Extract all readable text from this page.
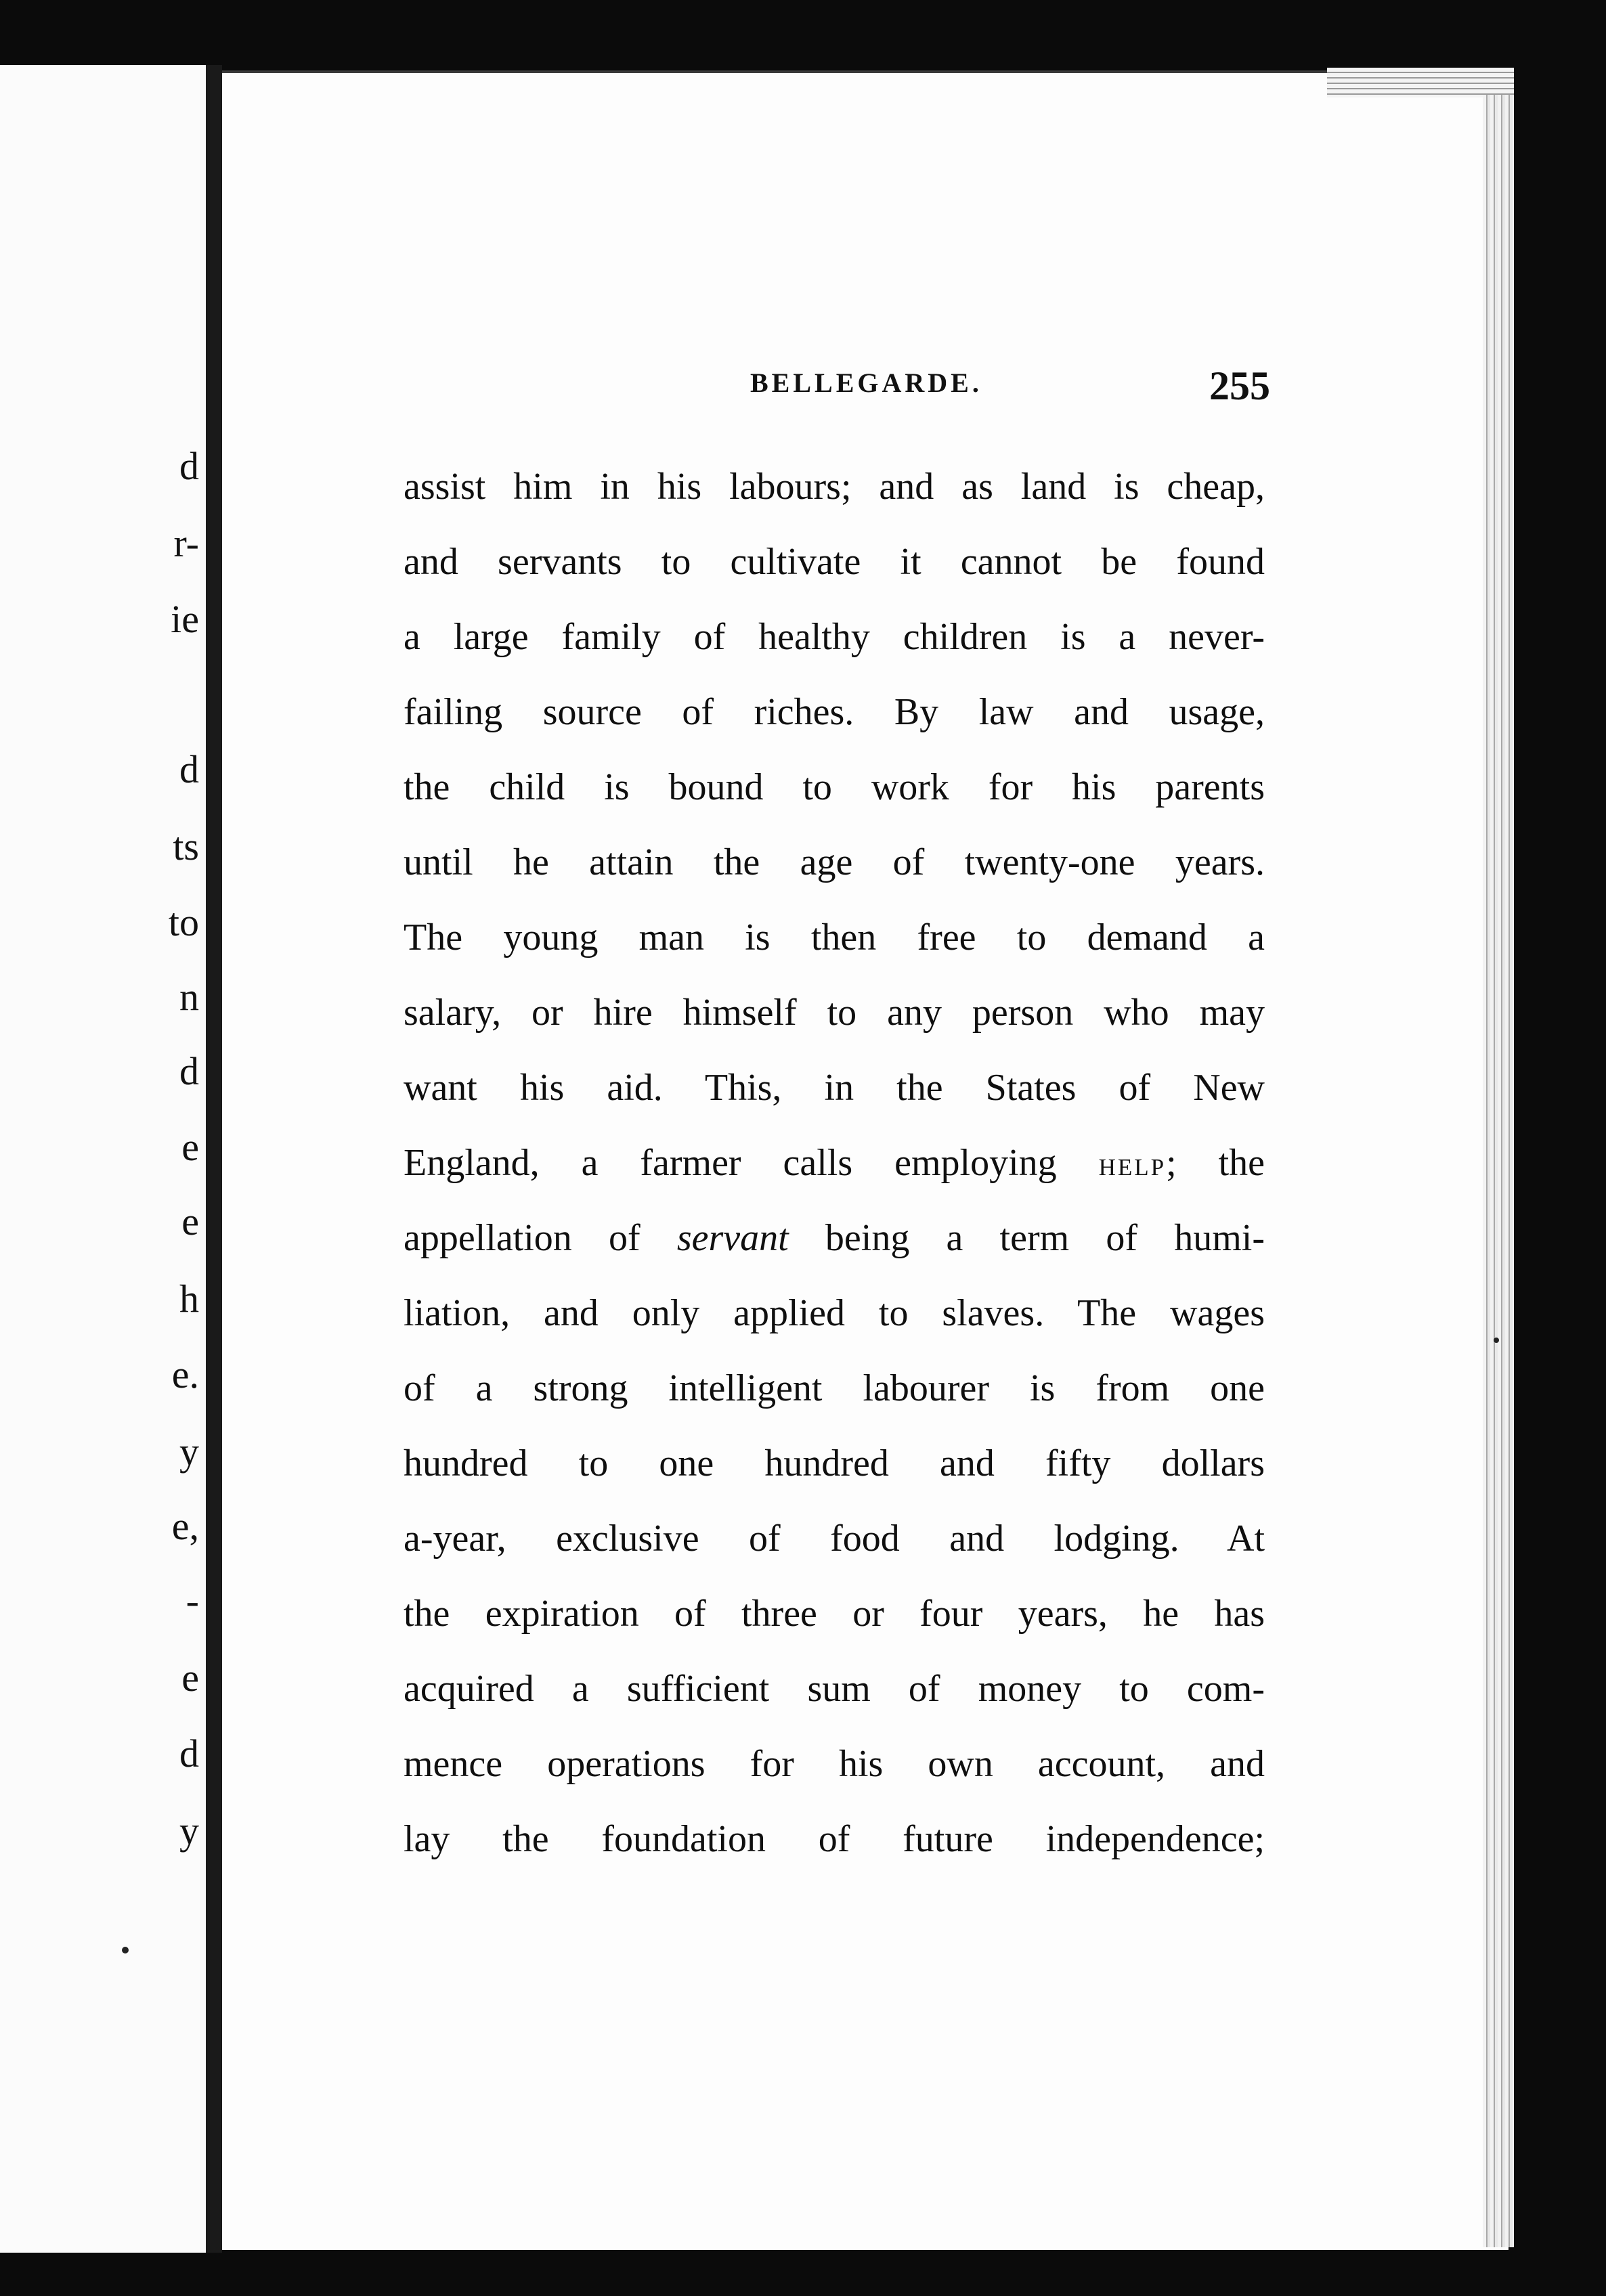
d
r-
ie
d
ts
to
n
d
e
e
h
e.
y
e,
-
e
d
y
BELLEGARDE.	255
assist him in his labours; and as land is cheap,
and servants to cultivate it cannot be found
a large family of healthy children is a never-
failing source of riches. By law and usage,
the child is bound to work for his parents
until he attain the age of twenty-one years.
The young man is then free to demand a
salary, or hire himself to any person who may
want his aid. This, in the States of New
England, a farmer calls employing help; the
appellation of servant being a term of humi-
liation, and only applied to slaves. The wages
of a strong intelligent labourer is from one
hundred to one hundred and fifty dollars
a-year, exclusive of food and lodging. At
the expiration of three or four years, he has
acquired a sufficient sum of money to com-
mence operations for his own account, and
lay the foundation of future independence;
